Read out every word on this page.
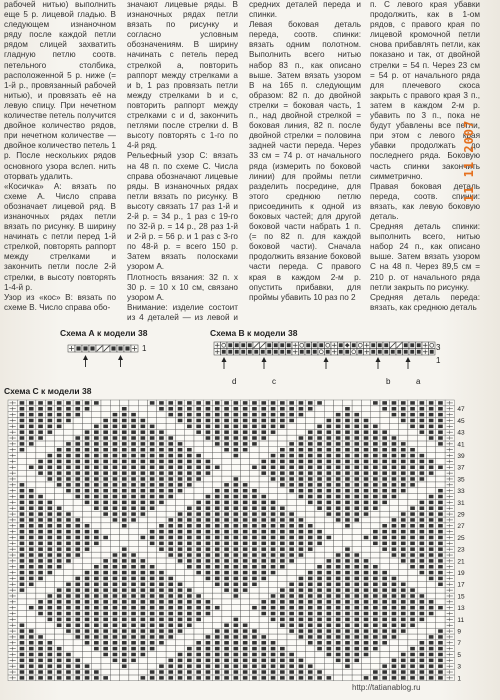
рабочей нитью) выполнить еще 5 р. лицевой гладью. В следующем изнаночном ряду после каждой петли рядом слицей захватить гладную петлю соотв. петельного столбика, расположенной 5 р. ниже (= 1-й р., провязанный рабочей нитью), и провязать её на левую спицу. При нечетном количестве петель получится двойное количество рядов, при нечетном количестве — двойное количество петель 1 р. После нескольких рядов основного узора вслеп. нить оторвать удалить.

«Косичка» А: вязать по схеме А. Число справа обозначает лицевой ряд. В изнаночных рядах петли вязать по рисунку. В ширину начинать с петли перед 1-й стрелкой, повторять раппорт между стрелками и закончить петли после 2-й стрелки, в высоту повторять 1-4-й р.

Узор из «кос» В: вязать по схеме В. Число справа обо-

значают лицевые ряды. В изнаночных рядах петли вязать по рисунку и согласно условным обозначениям. В ширину начинать с петель перед стрелкой а, повторить раппорт между стрелками а и b, 1 раз провязать петли между стрелками b и c, повторить раппорт между стрелками c и d, закончить петлями после стрелки d. В высоту повторять с 1-го по 4-й ряд.

Рельефный узор С: вязать на 48 п. по схеме С. Числа справа обозначают лицевые ряды. В изнаночных рядах петли вязать по рисунку. В высоту связать 17 раз 1-й и 2-й р. = 34 р., 1 раз с 19-го по 32-й р. = 14 р., 28 раз 1-й и 2-й р. = 56 р. и 1 раз с 3-го по 48-й р. = всего 150 р. Затем вязать полосками узором А.

Плотность вязания: 32 п. x 30 р. = 10 х 10 см, связано узором А.

Внимание: изделие состоит из 4 деталей — из левой и

средних деталей переда и спинки.

Левая боковая деталь переда, соотв. спинки: вязать одним полотном. Выполнить всего нитью набор 83 п., как описано выше. Затем вязать узором В на 165 п. следующим образом: 82 п. до двойной стрелки = боковая часть, 1 п., над двойной стрелкой = боковая линия, 82 п. после двойной стрелки = половина задней части переда. Через 33 см = 74 р. от начального ряда (измерить по боковой линии) для проймы петли разделить посредине, для этого среднюю петлю присоединить к одной из боковых частей; для другой боковой части набрать 1 п. (= по 82 п. для каждой боковой части). Сначала продолжить вязание боковой части переда. С правого края в каждом 2-м р. опустить прибавки, для проймы убавить 10 раз по 2

п. С левого края убавки продолжить, как в 1-ом рядов, с правого края по лицевой кромочной петли снова прибавлять петли, как показано и так, от двойной стрелки = 54 п. Через 23 см = 54 р. от начального ряда для плечевого скоса закрыть с правого края 3 п., затем в каждом 2-м р. убавить по 3 п., пока не будут убавлены все петли, при этом с левого края убавки продолжать до последнего ряда. Боковую часть спинки закончить симметрично.

Правая боковая деталь переда, соотв. спинки: вязать, как левую боковую деталь.

Средняя деталь спинки: выполнить всего, нитью набор 24 п., как описано выше. Затем вязать узором С на 48 п. Через 89,5 см = 210 р. от начального ряда петли закрыть по рисунку.

Средняя деталь переда: вязать, как среднюю деталь

11 11 2007
Схема А к модели 38	Схема В к модели 38
Схема С к модели 38
1	3
1
d	c	b	a
47
45
43
41
39
37
35
33
31
29
27
25
23
21
19
17
15
13
11
9
7
5
3
1
http://tatianablog.ru
